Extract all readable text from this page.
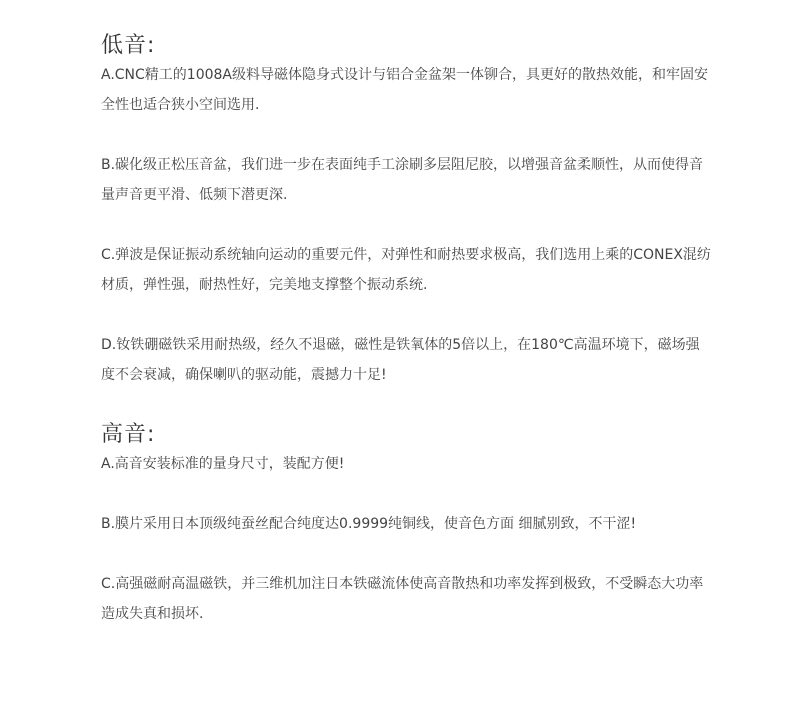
低音:

A.CNC精工的1008A级料导磁体隐身式设计与铝合金盆架一体铆合，具更好的散热效能，和牢固安全性也适合狭小空间选用.

B.碳化级正松压音盆，我们进一步在表面纯手工涂刷多层阻尼胶，以增强音盆柔顺性，从而使得音量声音更平滑、低频下潜更深.

C.弹波是保证振动系统轴向运动的重要元件，对弹性和耐热要求极高，我们选用上乘的CONEX混纺材质，弹性强，耐热性好，完美地支撑整个振动系统.

D.钕铁硼磁铁采用耐热级，经久不退磁，磁性是铁氧体的5倍以上，在180℃高温环境下，磁场强度不会衰减，确保喇叭的驱动能，震撼力十足!

高音:

A.高音安装标准的量身尺寸，装配方便!

B.膜片采用日本顶级纯蚕丝配合纯度达0.9999纯铜线，使音色方面 细腻别致，不干涩!

C.高强磁耐高温磁铁，并三维机加注日本铁磁流体使高音散热和功率发挥到极致，不受瞬态大功率造成失真和损坏.
